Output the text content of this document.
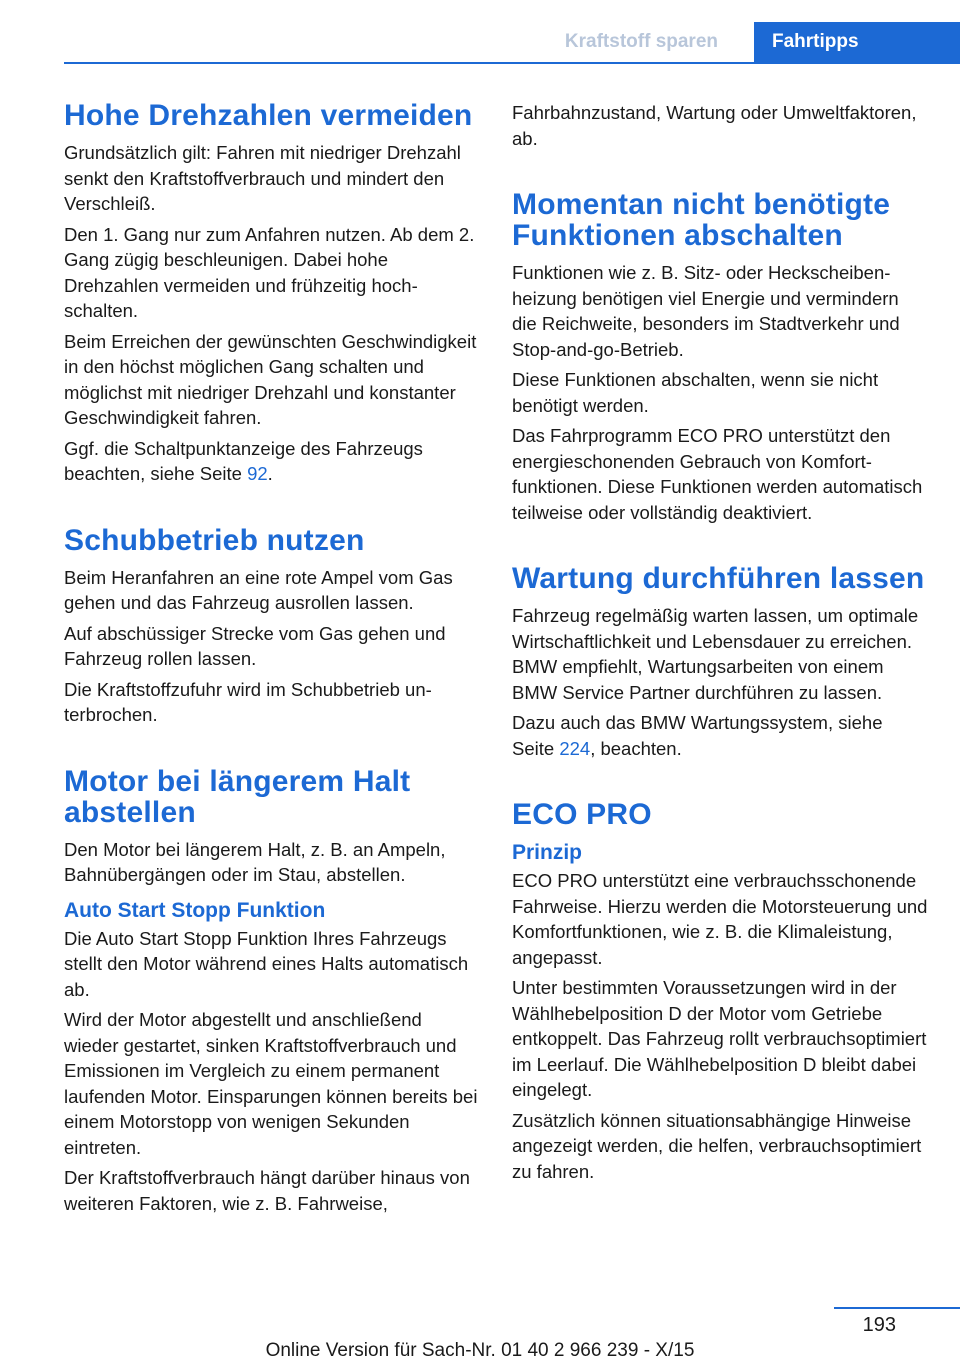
Kraftstoff sparen	Fahrtipps
Hohe Drehzahlen vermeiden

Grundsätzlich gilt: Fahren mit niedriger Drehzahl senkt den Kraftstoffverbrauch und mindert den Verschleiß.

Den 1. Gang nur zum Anfahren nutzen. Ab dem 2. Gang zügig beschleunigen. Dabei hohe Drehzahlen vermeiden und frühzeitig hochschalten.

Beim Erreichen der gewünschten Geschwindigkeit in den höchst möglichen Gang schalten und möglichst mit niedriger Drehzahl und konstanter Geschwindigkeit fahren.

Ggf. die Schaltpunktanzeige des Fahrzeugs beachten, siehe Seite 92.

Schubbetrieb nutzen

Beim Heranfahren an eine rote Ampel vom Gas gehen und das Fahrzeug ausrollen lassen.

Auf abschüssiger Strecke vom Gas gehen und Fahrzeug rollen lassen.

Die Kraftstoffzufuhr wird im Schubbetrieb unterbrochen.

Motor bei längerem Halt abstellen

Den Motor bei längerem Halt, z. B. an Ampeln, Bahnübergängen oder im Stau, abstellen.

Auto Start Stopp Funktion

Die Auto Start Stopp Funktion Ihres Fahrzeugs stellt den Motor während eines Halts automatisch ab.

Wird der Motor abgestellt und anschließend wieder gestartet, sinken Kraftstoffverbrauch und Emissionen im Vergleich zu einem permanent laufenden Motor. Einsparungen können bereits bei einem Motorstopp von wenigen Sekunden eintreten.

Der Kraftstoffverbrauch hängt darüber hinaus von weiteren Faktoren, wie z. B. Fahrweise,

Fahrbahnzustand, Wartung oder Umweltfaktoren, ab.

Momentan nicht benötigte Funktionen abschalten

Funktionen wie z. B. Sitz- oder Heckscheibenheizung benötigen viel Energie und vermindern die Reichweite, besonders im Stadtverkehr und Stop-and-go-Betrieb.

Diese Funktionen abschalten, wenn sie nicht benötigt werden.

Das Fahrprogramm ECO PRO unterstützt den energieschonenden Gebrauch von Komfortfunktionen. Diese Funktionen werden automatisch teilweise oder vollständig deaktiviert.

Wartung durchführen lassen

Fahrzeug regelmäßig warten lassen, um optimale Wirtschaftlichkeit und Lebensdauer zu erreichen. BMW empfiehlt, Wartungsarbeiten von einem BMW Service Partner durchführen zu lassen.

Dazu auch das BMW Wartungssystem, siehe Seite 224, beachten.

ECO PRO
Prinzip

ECO PRO unterstützt eine verbrauchsschonende Fahrweise. Hierzu werden die Motorsteuerung und Komfortfunktionen, wie z. B. die Klimaleistung, angepasst.

Unter bestimmten Voraussetzungen wird in der Wählhebelposition D der Motor vom Getriebe entkoppelt. Das Fahrzeug rollt verbrauchsoptimiert im Leerlauf. Die Wählhebelposition D bleibt dabei eingelegt.

Zusätzlich können situationsabhängige Hinweise angezeigt werden, die helfen, verbrauchsoptimiert zu fahren.

193
Online Version für Sach-Nr. 01 40 2 966 239 - X/15
